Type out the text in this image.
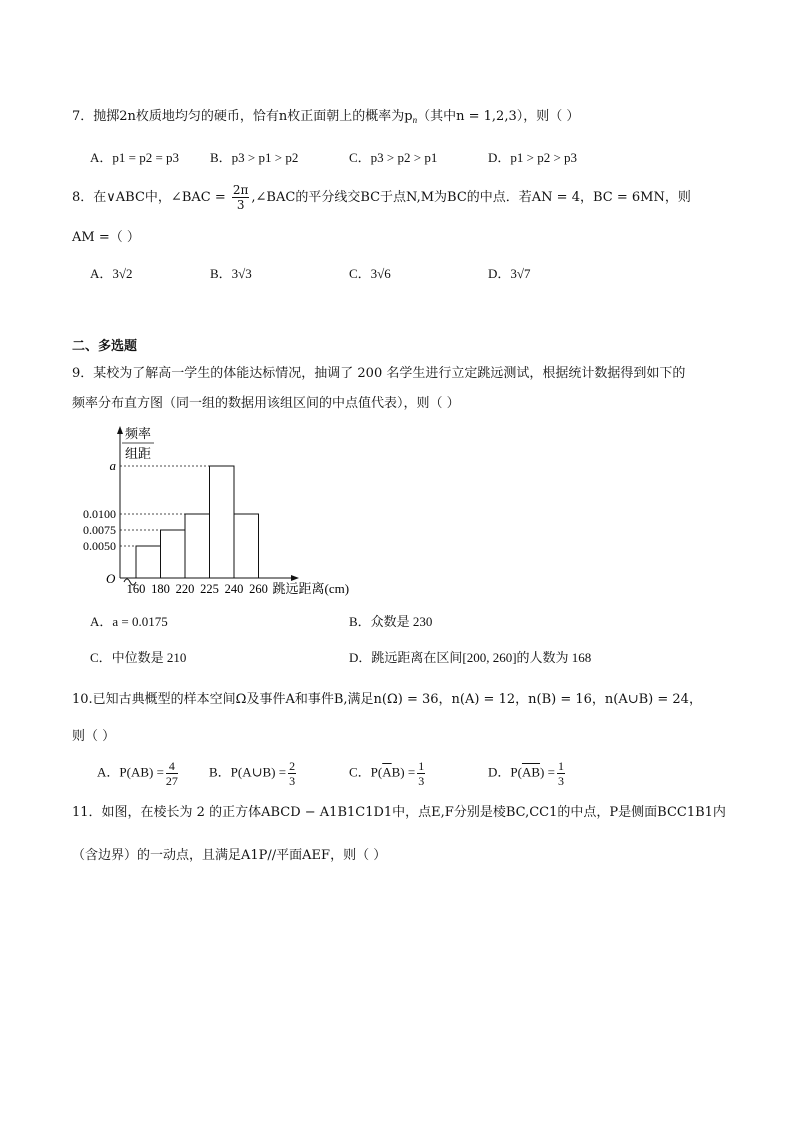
7．抛掷2n枚质地均匀的硬币，恰有n枚正面朝上的概率为$p_n$（其中n = 1,2,3），则（ ）
A．p1 = p2 = p3 B．p3 > p1 > p2	C．p3 > p2 > p1	D．p1 > p2 > p3
8．在∨ABC中，∠BAC = $\frac{2\pi}{3}$ ,∠BAC的平分线交BC于点N,M为BC的中点．若AN = 4，BC = 6MN，则
AM =（ ）
A．3√2	B．3√3	C．3√6	D．3√7
二、多选题
9．某校为了解高一学生的体能达标情况，抽调了 200 名学生进行立定跳远测试，根据统计数据得到如下的
频率分布直方图（同一组的数据用该组区间的中点值代表），则（ ）
a
0.0100
0.0075
0.0050
频率
组距
O
160 180 220 225 240 260 跳远距离(cm)
A．a = 0.0175	B．众数是 230
C．中位数是 210	D．跳远距离在区间[200, 260]的人数为 168
10.已知古典概型的样本空间Ω及事件A和事件B,满足n(Ω) = 36，n(A) = 12，n(B) = 16，n(A∪B) = 24，
则（ ）
A．$P(AB) = \frac{4}{27}$ B．P(A∪B) = $\frac{2}{3}$	C．$P(\overline{A}B) = \frac{1}{3}$	D．$P(\overline{AB}) = \frac{1}{3}$
11．如图，在棱长为 2 的正方体ABCD − A1B1C1D1中，点E,F分别是棱BC,CC1的中点，P是侧面BCC1B1内
（含边界）的一动点，且满足A1P//平面AEF，则（ ）
